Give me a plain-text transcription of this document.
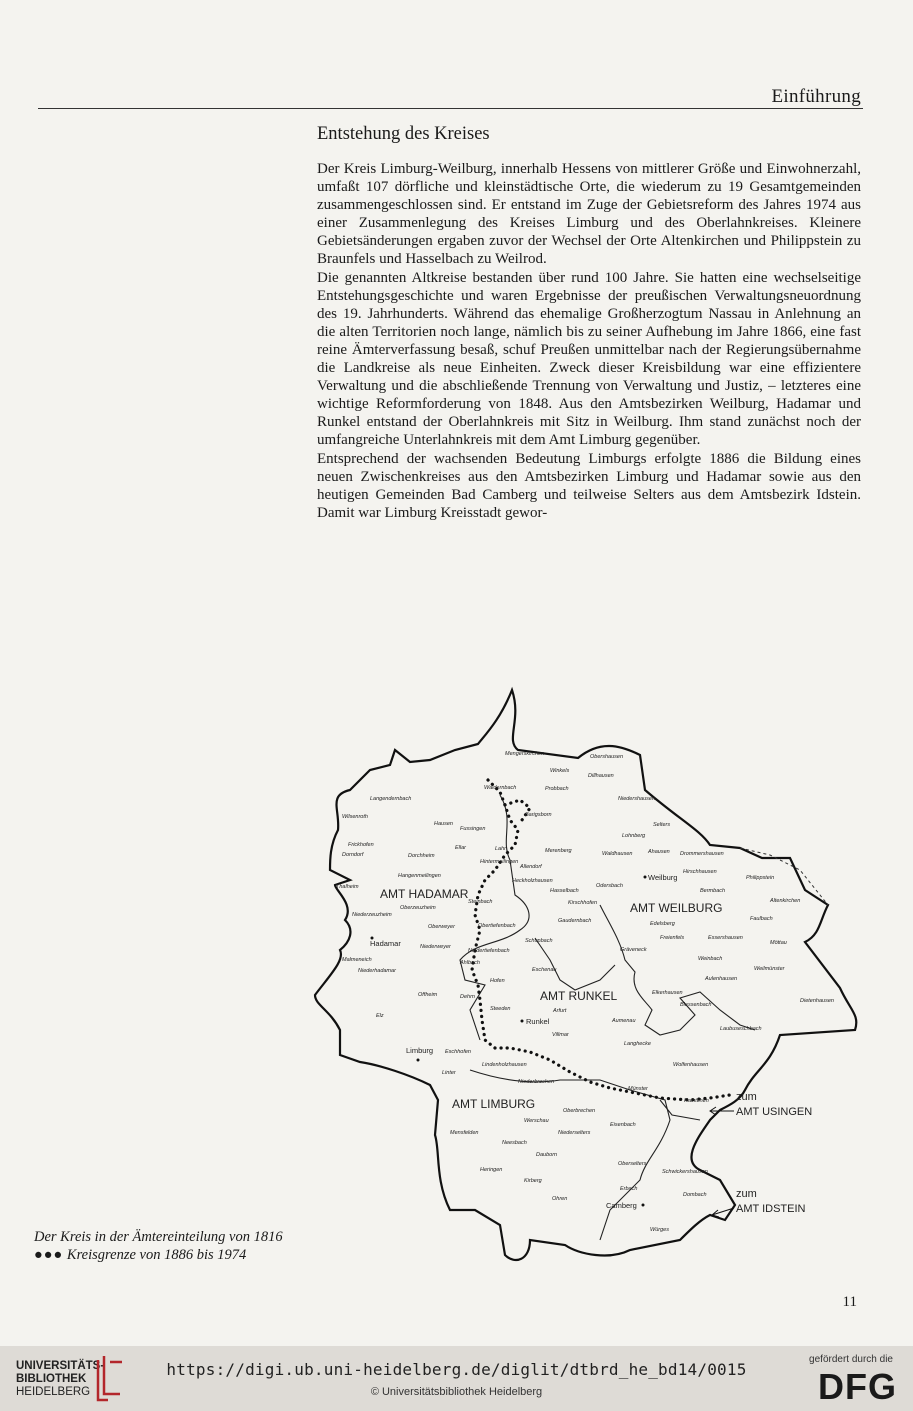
Einführung
Entstehung des Kreises

Der Kreis Limburg-Weilburg, innerhalb Hessens von mittlerer Größe und Einwohnerzahl, umfaßt 107 dörfliche und kleinstädtische Orte, die wiederum zu 19 Gesamtgemeinden zusammengeschlossen sind. Er entstand im Zuge der Gebietsreform des Jahres 1974 aus einer Zusammenlegung des Kreises Limburg und des Oberlahnkreises. Kleinere Gebietsänderungen ergaben zuvor der Wechsel der Orte Altenkirchen und Philippstein zu Braunfels und Hasselbach zu Weilrod.

Die genannten Altkreise bestanden über rund 100 Jahre. Sie hatten eine wechselseitige Entstehungsgeschichte und waren Ergebnisse der preußischen Verwaltungsneuordnung des 19. Jahrhunderts. Während das ehemalige Großherzogtum Nassau in Anlehnung an die alten Territorien noch lange, nämlich bis zu seiner Aufhebung im Jahre 1866, eine fast reine Ämterverfassung besaß, schuf Preußen unmittelbar nach der Regierungsübernahme die Landkreise als neue Einheiten. Zweck dieser Kreisbildung war eine effizientere Verwaltung und die abschließende Trennung von Verwaltung und Justiz, – letzteres eine wichtige Reformforderung von 1848. Aus den Amtsbezirken Weilburg, Hadamar und Runkel entstand der Oberlahnkreis mit Sitz in Weilburg. Ihm stand zunächst noch der umfangreiche Unterlahnkreis mit dem Amt Limburg gegenüber.

Entsprechend der wachsenden Bedeutung Limburgs erfolgte 1886 die Bildung eines neuen Zwischenkreises aus den Amtsbezirken Limburg und Hadamar sowie aus den heutigen Gemeinden Bad Camberg und teilweise Selters aus dem Amtsbezirk Idstein. Damit war Limburg Kreisstadt gewor-

AMT HADAMAR
AMT WEILBURG
AMT RUNKEL
AMT LIMBURG
Hadamar
Weilburg
Runkel
Limburg
Camberg
Mengerskirchen	Obershausen
Winkels
Dillhausen
Waldernbach	Probbach
Langendernbach	Niedershausen
Wilsenroth
Hausen
Fussingen
Barigsborn
Selters
Lohnberg
Frickhofen	Ellar	Lahr	Merenberg	Waldhausen	Ahausen Drommershausen
Dorndorf	Dorchheim
Hintermeilingen
Allendorf
Hirschhausen
Philippstein
Hangenmeilingen
Heckholzhausen
Odersbach
Bermbach
Thalheim
Oberzeuzheim
Steinbach
Hasselbach
Kirschhofen	Altenkirchen
Niederzeuzheim
Oberweyer	Obertiefenbach
Gaudernbach	Edelsberg
Faulbach
Schupbach	Freienfels	Essershausen
Möttau
Niederweyer
Niedertiefenbach	Gräveneck
Weinbach
Malmeneich	Ahlbach
Eschenau
Aulenhausen
Weilmünster
Niederhadamar
Hofen
Offheim	Dehrn
Steeden
Elkerhausen
Blessenbach
Dietenhausen
Elz
Arfurt
Laubuseschbach
Aumenau
Villmar
Langhecke
Eschhofen
Wolfenhausen
Lindenholzhausen
Linter
Niederbrechen
Münster
Oberbrechen
Haintchen
Neesbach
Werschau
Eisenbach
Mensfelden	Niederselters
Dauborn
Oberselters
Schwickershausen
Heringen
Kirberg
Erbach
Dombach
Ohren
Würges
zum
AMT USINGEN
zum
AMT IDSTEIN
Der Kreis in der Ämtereinteilung von 1816
●●● Kreisgrenze von 1886 bis 1974
11
UNIVERSITÄTS-
BIBLIOTHEK
HEIDELBERG
https://digi.ub.uni-heidelberg.de/diglit/dtbrd_he_bd14/0015
© Universitätsbibliothek Heidelberg
gefördert durch die
DFG
